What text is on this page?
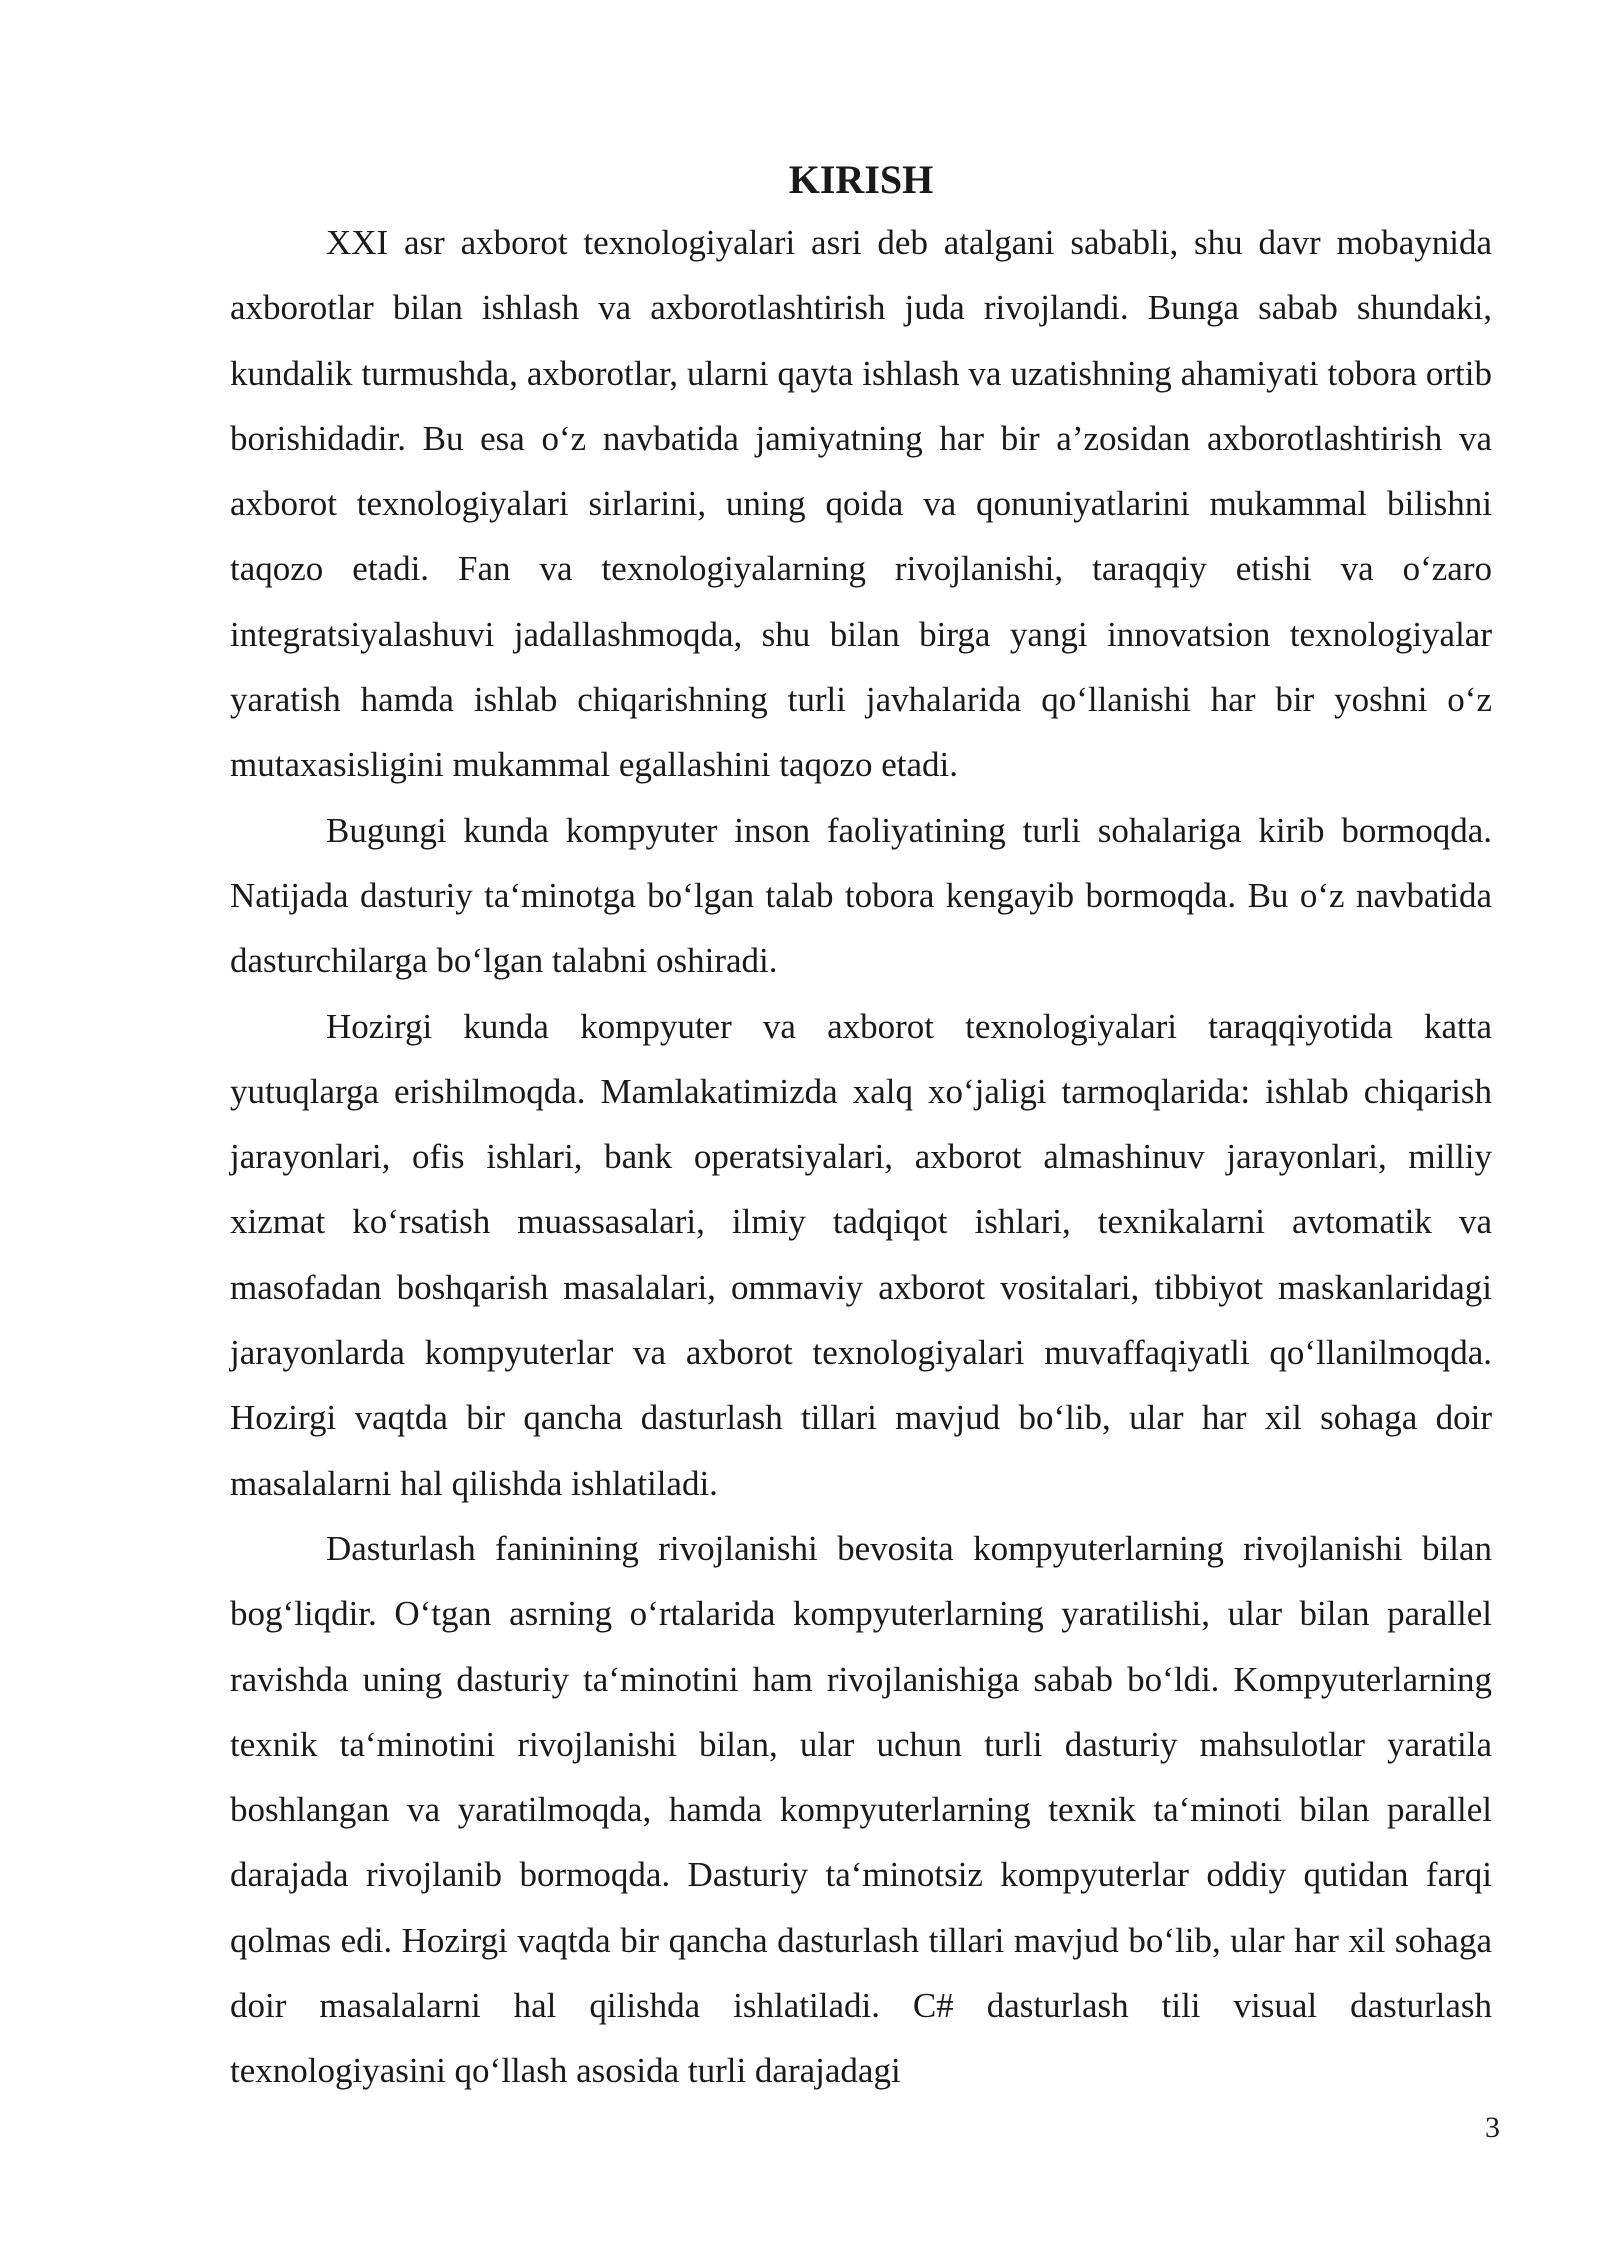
KIRISH

XXI asr axborot texnologiyalari asri deb atalgani sababli, shu davr mobaynida axborotlar bilan ishlash va axborotlashtirish juda rivojlandi. Bunga sabab shundaki, kundalik turmushda, axborotlar, ularni qayta ishlash va uzatishning ahamiyati tobora ortib borishidadir. Bu esa o‘z navbatida jamiyatning har bir a’zosidan axborotlashtirish va axborot texnologiyalari sirlarini, uning qoida va qonuniyatlarini mukammal bilishni taqozo etadi. Fan va texnologiyalarning rivojlanishi, taraqqiy etishi va o‘zaro integratsiyalashuvi jadallashmoqda, shu bilan birga yangi innovatsion texnologiyalar yaratish hamda ishlab chiqarishning turli javhalarida qo‘llanishi har bir yoshni o‘z mutaxasisligini mukammal egallashini taqozo etadi.

Bugungi kunda kompyuter inson faoliyatining turli sohalariga kirib bormoqda. Natijada dasturiy ta‘minotga bo‘lgan talab tobora kengayib bormoqda. Bu o‘z navbatida dasturchilarga bo‘lgan talabni oshiradi.

Hozirgi kunda kompyuter va axborot texnologiyalari taraqqiyotida katta yutuqlarga erishilmoqda. Mamlakatimizda xalq xo‘jaligi tarmoqlarida: ishlab chiqarish jarayonlari, ofis ishlari, bank operatsiyalari, axborot almashinuv jarayonlari, milliy xizmat ko‘rsatish muassasalari, ilmiy tadqiqot ishlari, texnikalarni avtomatik va masofadan boshqarish masalalari, ommaviy axborot vositalari, tibbiyot maskanlaridagi jarayonlarda kompyuterlar va axborot texnologiyalari muvaffaqiyatli qo‘llanilmoqda. Hozirgi vaqtda bir qancha dasturlash tillari mavjud bo‘lib, ular har xil sohaga doir masalalarni hal qilishda ishlatiladi.

Dasturlash faninining rivojlanishi bevosita kompyuterlarning rivojlanishi bilan bog‘liqdir. O‘tgan asrning o‘rtalarida kompyuterlarning yaratilishi, ular bilan parallel ravishda uning dasturiy ta‘minotini ham rivojlanishiga sabab bo‘ldi. Kompyuterlarning texnik ta‘minotini rivojlanishi bilan, ular uchun turli dasturiy mahsulotlar yaratila boshlangan va yaratilmoqda, hamda kompyuterlarning texnik ta‘minoti bilan parallel darajada rivojlanib bormoqda. Dasturiy ta‘minotsiz kompyuterlar oddiy qutidan farqi qolmas edi. Hozirgi vaqtda bir qancha dasturlash tillari mavjud bo‘lib, ular har xil sohaga doir masalalarni hal qilishda ishlatiladi. C# dasturlash tili visual dasturlash texnologiyasini qo‘llash asosida turli darajadagi

3
